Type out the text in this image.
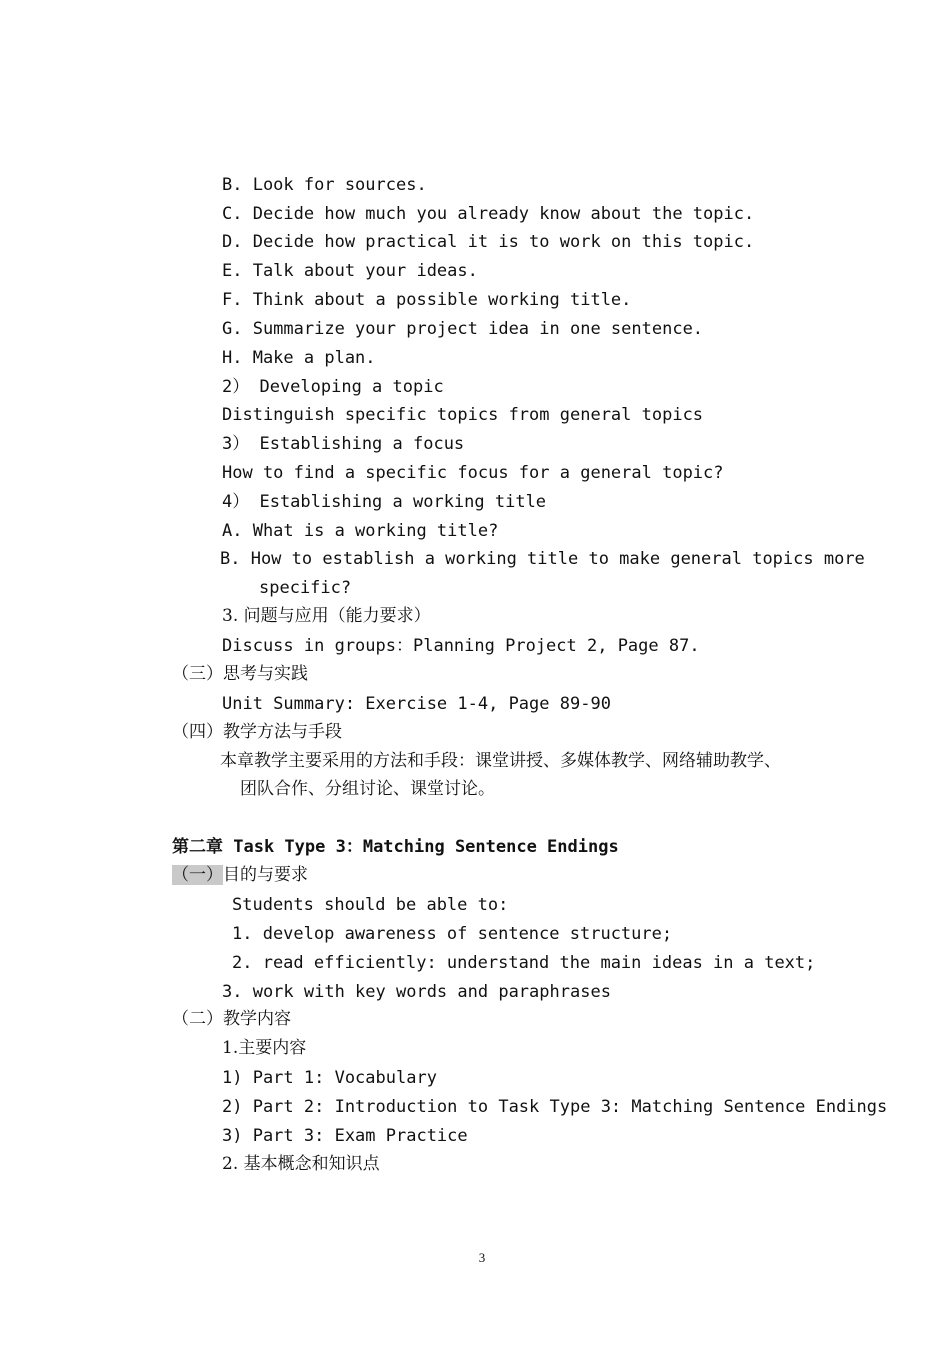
B. Look for sources.
C. Decide how much you already know about the topic.
D. Decide how practical it is to work on this topic.
E. Talk about your ideas.
F. Think about a possible working title.
G. Summarize your project idea in one sentence.
H. Make a plan.
2） Developing a topic
Distinguish specific topics from general topics
3） Establishing a focus
How to find a specific focus for a general topic?
4） Establishing a working title
A. What is a working title?
B. How to establish a working title to make general topics more
specific?
3. 问题与应用（能力要求）
Discuss in groups：Planning Project 2, Page 87.
（三）思考与实践
Unit Summary: Exercise 1-4, Page 89-90
（四）教学方法与手段
本章教学主要采用的方法和手段：课堂讲授、多媒体教学、网络辅助教学、
团队合作、分组讨论、课堂讨论。
第二章 Task Type 3：Matching Sentence Endings
（一）目的与要求
Students should be able to:
1. develop awareness of sentence structure;
2. read efficiently: understand the main ideas in a text;
3. work with key words and paraphrases
（二）教学内容
1.主要内容
1) Part 1: Vocabulary
2) Part 2: Introduction to Task Type 3: Matching Sentence Endings
3) Part 3: Exam Practice
2. 基本概念和知识点
3
